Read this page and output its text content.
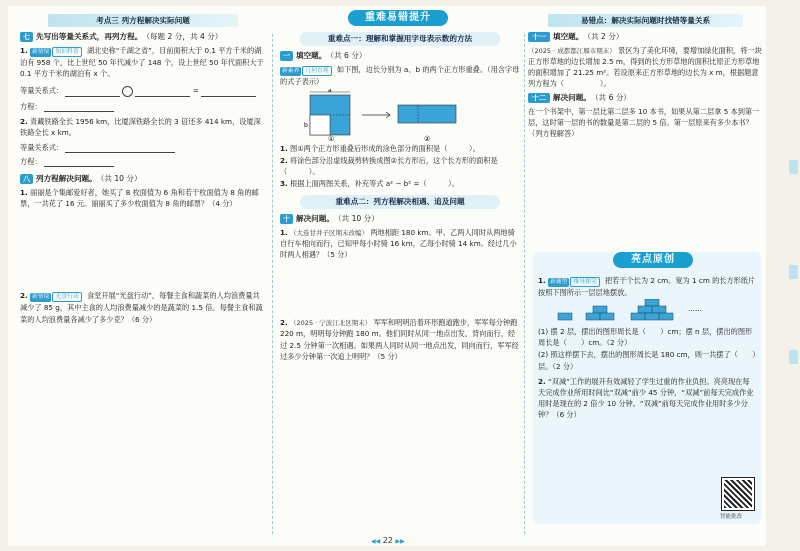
考点三 列方程解决实际问题
七 先写出等量关系式，再列方程。 （每题 2 分，共 4 分）

1. 新情境 知识科普 湖北史称“千湖之省”，目前面积大于 0.1 平方千米的湖泊有 958 个，比上世纪 50 年代减少了 148 个，设上世纪 50 年代面积大于 0.1 平方千米的湖泊有 x 个。

等量关系式：	=

方程：

2. 青藏铁路全长 1956 km，比厦深铁路全长的 3 倍还多 414 km，设厦深铁路全长 x km。

等量关系式：

方程：

八 列方程解决问题。 （共 10 分）

1. 丽丽是个集邮爱好者，她买了 8 枚面值为 6 角和若干枚面值为 8 角的邮票，一共花了 16 元。丽丽买了多少枚面值为 8 角的邮票？（4 分）

2. 新情境 光盘行动 食堂开展“光盘行动”，每餐主食和蔬菜的人均浪费量共减少了 85 g，其中主食的人均浪费量减少的是蔬菜的 1.5 倍。每餐主食和蔬菜的人均浪费量各减少了多少克？（6 分）

重难易错提升
重难点一：理解和掌握用字母表示数的方法
一 填空题。 （共 6 分）

新素养 几何直观 如下图，边长分别为 a、b 的两个正方形重叠。（用含字母的式子表示）

a
b
①	②

1. 图①两个正方形重叠后形成的涂色部分的面积是（　　　）。

2. 将涂色部分沿虚线裁剪转换成图②长方形后，这个长方形的面积是（　　　）。

3. 根据上面两图关系，补充等式 a² − b² =（　　　）。

重难点二：列方程解决相遇、追及问题
十 解决问题。 （共 10 分）

1. （大连甘井子区期末改编） 两地相距 180 km。甲、乙两人同时从两地骑自行车相向而行，已知甲每小时骑 16 km，乙每小时骑 14 km。经过几小时两人相遇？（5 分）

2. （2025 · 宁波江北区期末） 军军和明明沿着环形跑道跑步，军军每分钟跑 220 m，明明每分钟跑 180 m。他们同时从同一地点出发，背向而行，经过 2.5 分钟第一次相遇。如果两人同时从同一地点出发，同向而行，军军经过多少分钟第一次追上明明？（5 分）

易错点：解决实际问题时找错等量关系
十一 填空题。 （共 2 分）

（2025 · 成都都江堰市期末） 景区为了美化环境，要增加绿化面积，将一块正方形草地的边长增加 2.5 m，得到的长方形草地的面积比原正方形草地的面积增加了 21.25 m²。若设原来正方形草地的边长为 x m，根据题意列方程为（　　　　　）。

十二 解决问题。 （共 6 分）

在一个书架中，第一层比第二层多 10 本书，如果从第二层拿 5 本到第一层，这时第一层的书的数量是第二层的 5 倍。第一层原来有多少本书？（列方程解答）

亮点原创

1. 新题型 推导探究 把若干个长为 2 cm、宽为 1 cm 的长方形纸片按照下图所示一层层地摆放。

……

(1) 摆 2 层，摆出的图形周长是（　　）cm；摆 n 层，摆出的图形周长是（　　）cm。（2 分）

(2) 照这样摆下去，摆出的图形周长是 180 cm，则一共摆了（　　）层。（2 分）

2. “双减”工作的展开有效减轻了学生过重的作业负担。亮亮现在每天完成作业所用时间比“双减”前少 45 分钟，“双减”前每天完成作业用时是现在的 2 倍少 10 分钟。“双减”前每天完成作业用时多少分钟？（6 分）

智能批改
◀◀ 22 ▶▶
